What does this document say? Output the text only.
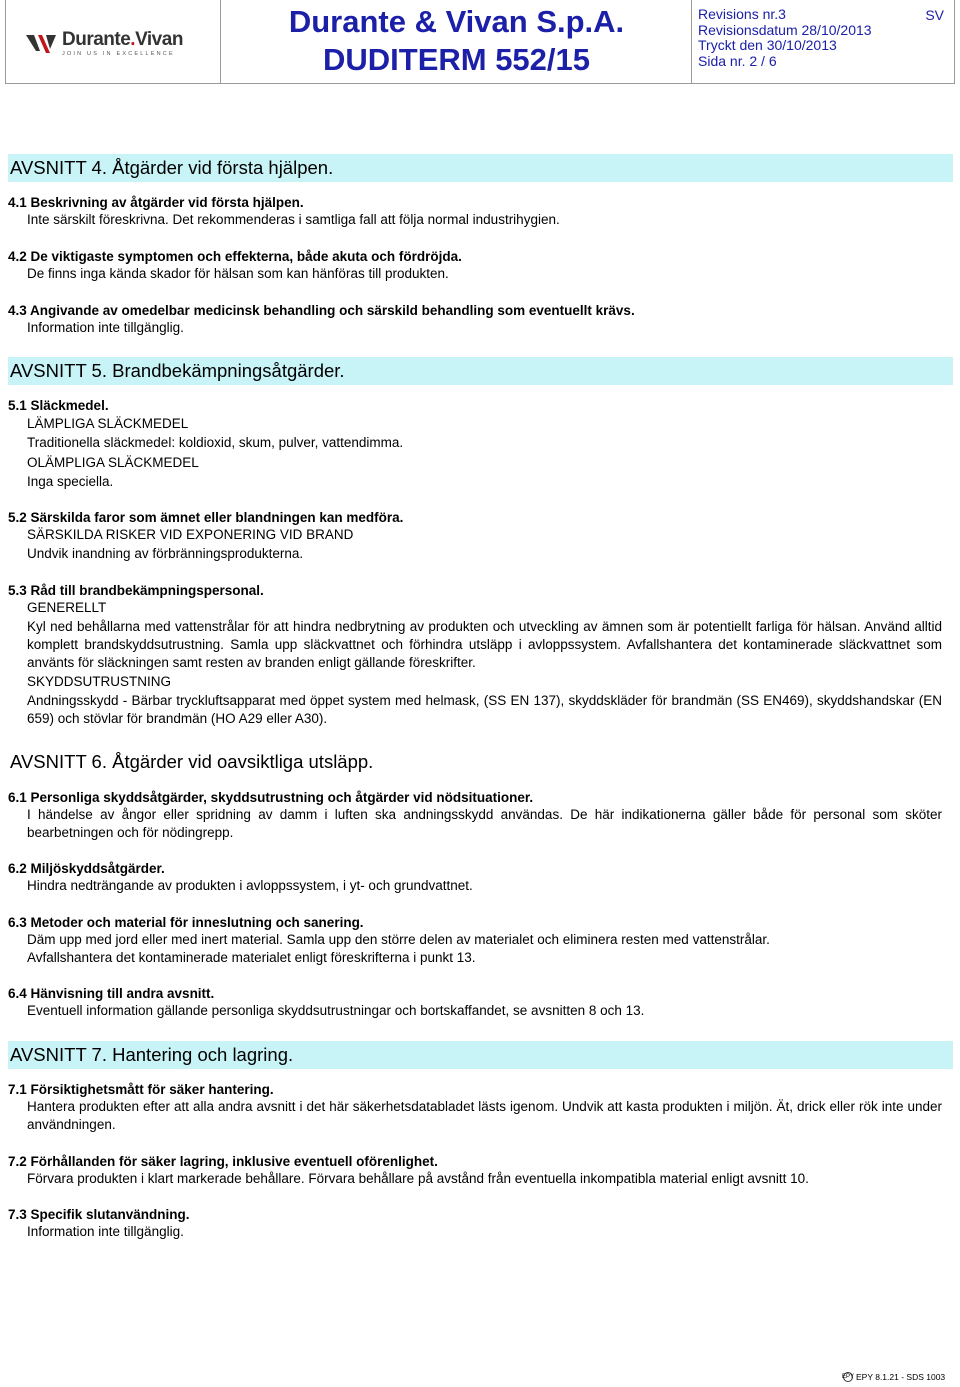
Durante.Vivan
JOIN US IN EXCELLENCE
Durante & Vivan S.p.A.
DUDITERM 552/15
Revisions nr.3
Revisionsdatum 28/10/2013
Tryckt den 30/10/2013
Sida nr. 2 / 6
SV
AVSNITT 4. Åtgärder vid första hjälpen.
4.1 Beskrivning av åtgärder vid första hjälpen.
Inte särskilt föreskrivna. Det rekommenderas i samtliga fall att följa normal industrihygien.
4.2 De viktigaste symptomen och effekterna, både akuta och fördröjda.
De finns inga kända skador för hälsan som kan hänföras till produkten.
4.3 Angivande av omedelbar medicinsk behandling och särskild behandling som eventuellt krävs.
Information inte tillgänglig.
AVSNITT 5. Brandbekämpningsåtgärder.
5.1 Släckmedel.
LÄMPLIGA SLÄCKMEDEL
Traditionella släckmedel: koldioxid, skum, pulver, vattendimma.
OLÄMPLIGA SLÄCKMEDEL
Inga speciella.
5.2 Särskilda faror som ämnet eller blandningen kan medföra.
SÄRSKILDA RISKER VID EXPONERING VID BRAND
Undvik inandning av förbränningsprodukterna.
5.3 Råd till brandbekämpningspersonal.
GENERELLT
Kyl ned behållarna med vattenstrålar för att hindra nedbrytning av produkten och utveckling av ämnen som är potentiellt farliga för hälsan. Använd alltid komplett brandskyddsutrustning. Samla upp släckvattnet och förhindra utsläpp i avloppssystem. Avfallshantera det kontaminerade släckvattnet som använts för släckningen samt resten av branden enligt gällande föreskrifter.
SKYDDSUTRUSTNING
Andningsskydd - Bärbar tryckluftsapparat med öppet system med helmask, (SS EN 137), skyddskläder för brandmän (SS EN469), skyddshandskar (EN 659) och stövlar för brandmän (HO A29 eller A30).
AVSNITT 6. Åtgärder vid oavsiktliga utsläpp.
6.1 Personliga skyddsåtgärder, skyddsutrustning och åtgärder vid nödsituationer.
I händelse av ångor eller spridning av damm i luften ska andningsskydd användas. De här indikationerna gäller både för personal som sköter bearbetningen och för nödingrepp.
6.2 Miljöskyddsåtgärder.
Hindra nedträngande av produkten i avloppssystem, i yt- och grundvattnet.
6.3 Metoder och material för inneslutning och sanering.
Däm upp med jord eller med inert material. Samla upp den större delen av materialet och eliminera resten med vattenstrålar.
Avfallshantera det kontaminerade materialet enligt föreskrifterna i punkt 13.
6.4 Hänvisning till andra avsnitt.
Eventuell information gällande personliga skyddsutrustningar och bortskaffandet, se avsnitten 8 och 13.
AVSNITT 7. Hantering och lagring.
7.1 Försiktighetsmått för säker hantering.
Hantera produkten efter att alla andra avsnitt i det här säkerhetsdatabladet lästs igenom. Undvik att kasta produkten i miljön. Ät, drick eller rök inte under användningen.
7.2 Förhållanden för säker lagring, inklusive eventuell oförenlighet.
Förvara produkten i klart markerade behållare. Förvara behållare på avstånd från eventuella inkompatibla material enligt avsnitt 10.
7.3 Specifik slutanvändning.
Information inte tillgänglig.
EPY EPY 8.1.21 - SDS 1003
